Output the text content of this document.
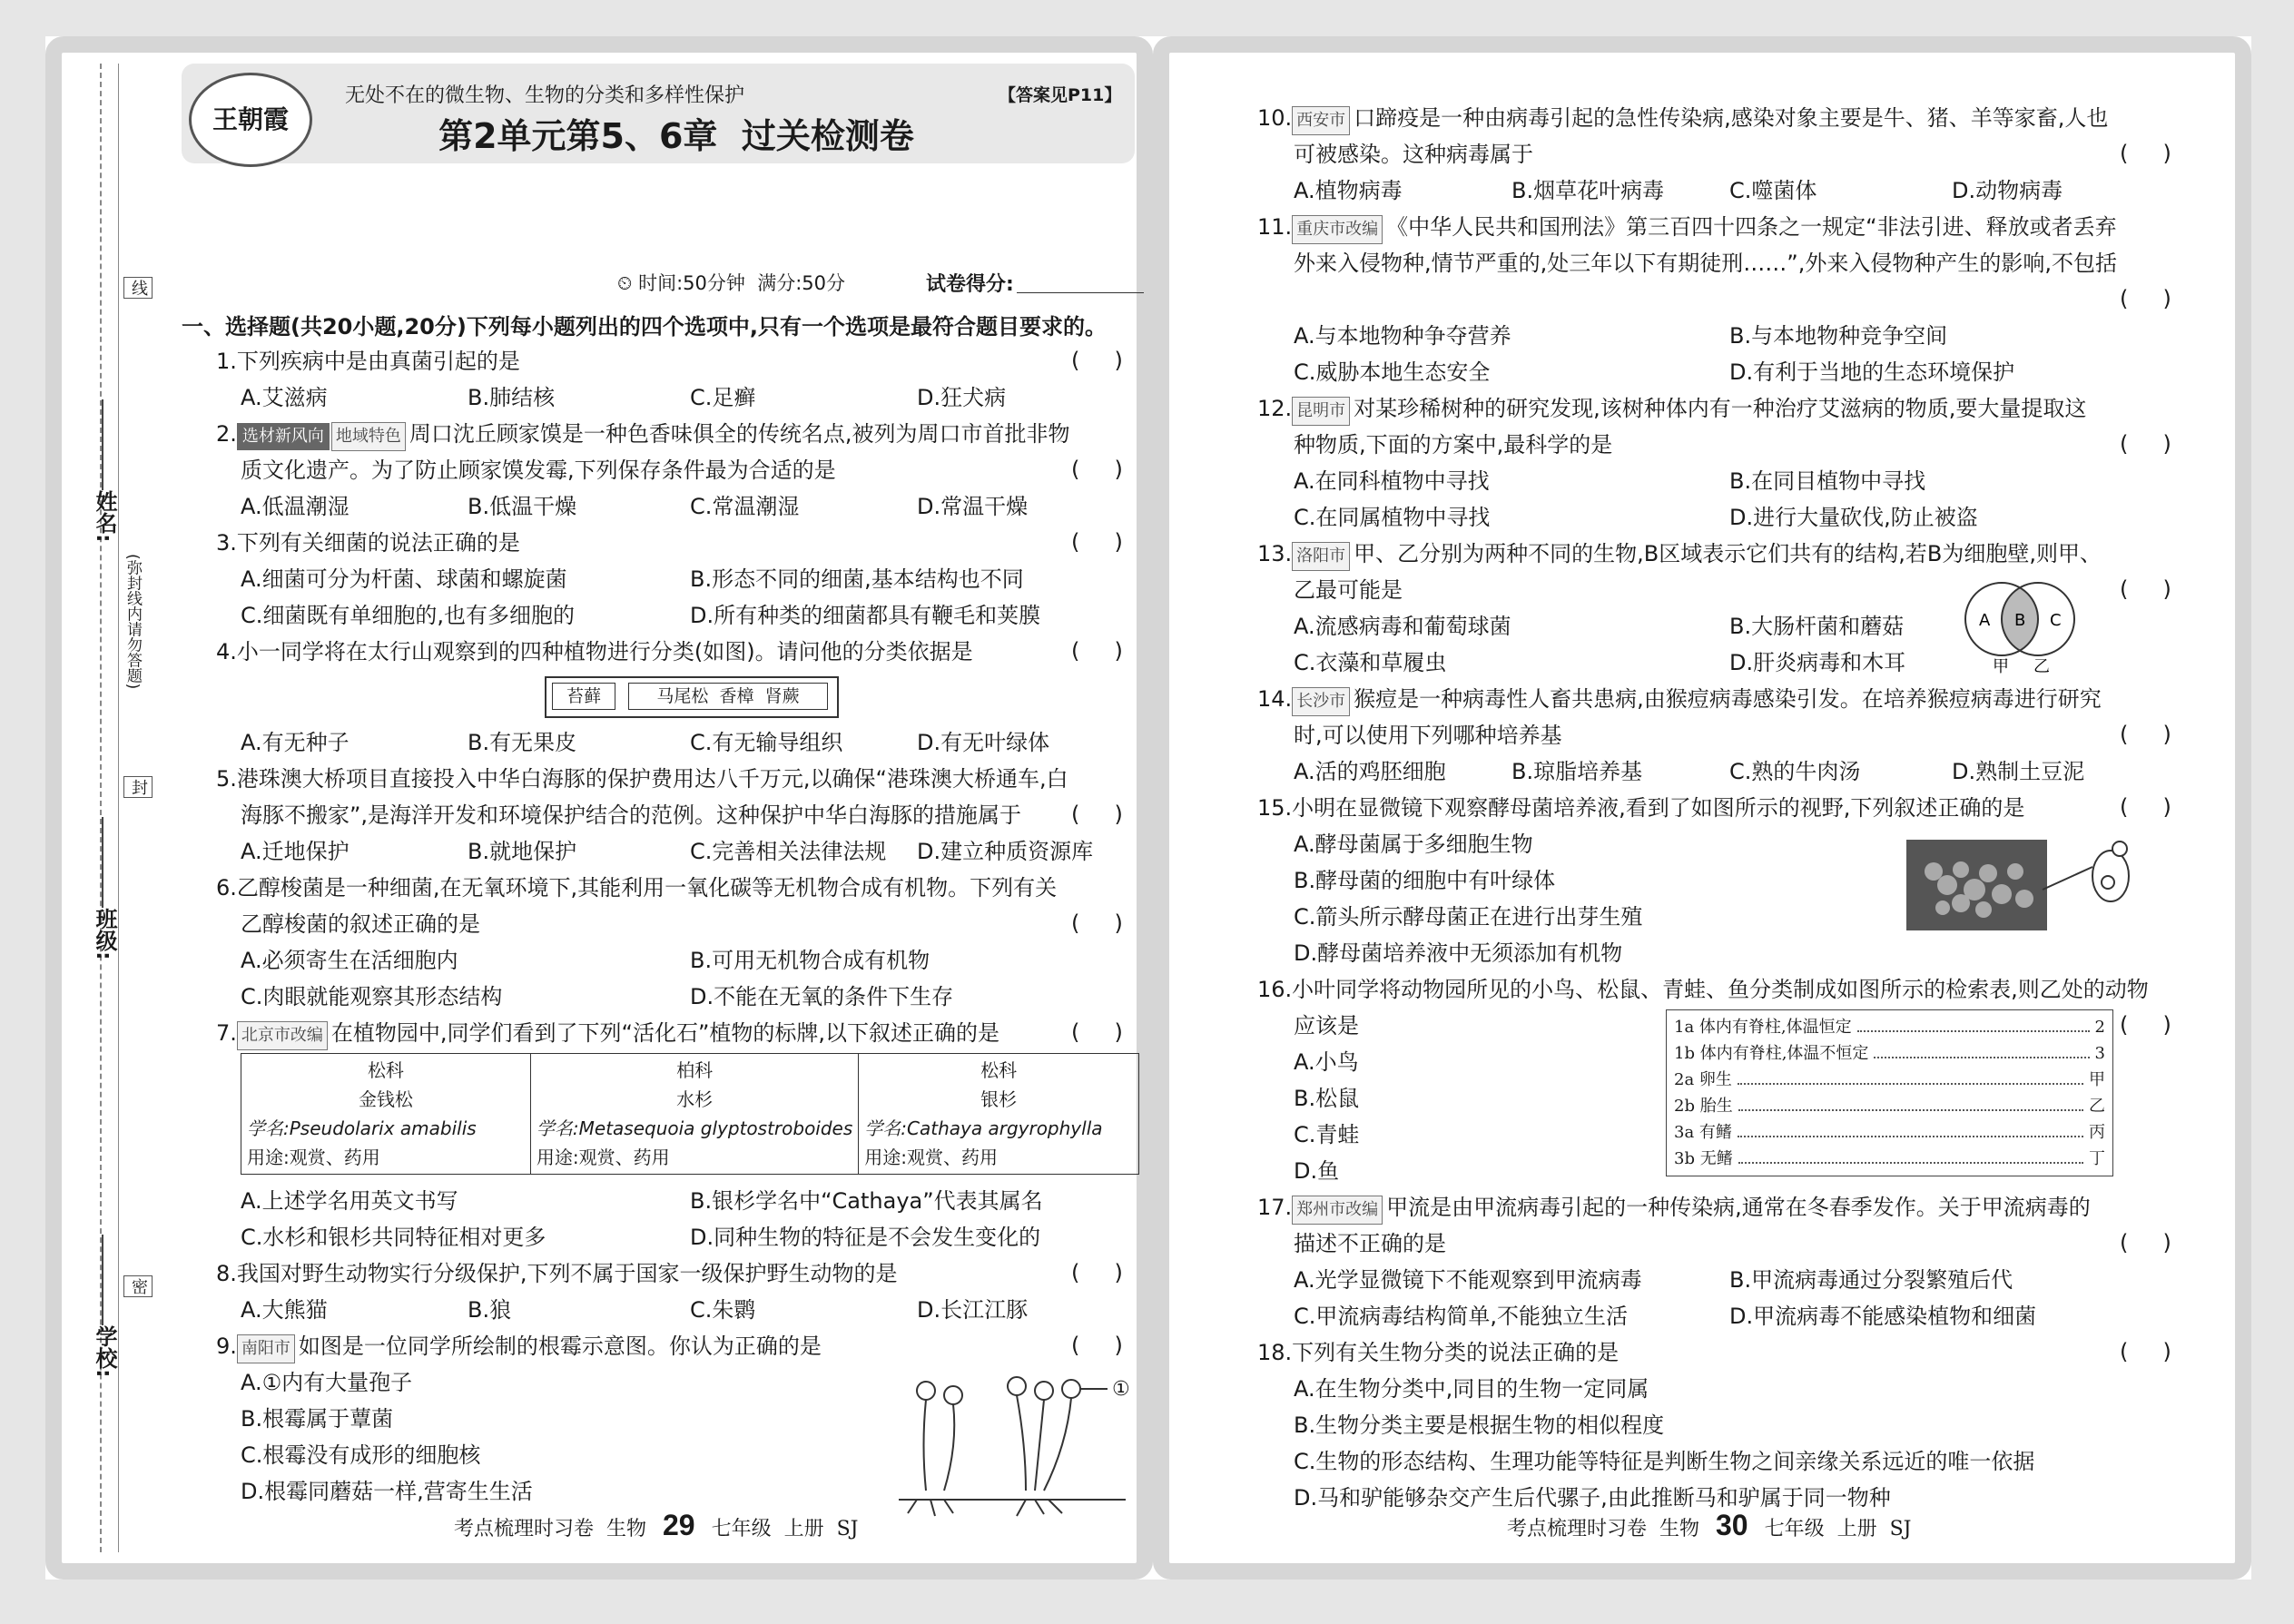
姓名:
班级:
学校:
线
封
密
(弥封线内请勿答题)
王朝霞
无处不在的微生物、生物的分类和多样性保护	【答案见P11】
第2单元第5、6章  过关检测卷
⏲ 时间:50分钟  满分:50分	试卷得分:
一、选择题(共20小题,20分)下列每小题列出的四个选项中,只有一个选项是最符合题目要求的。
1.下列疾病中是由真菌引起的是	(     )
A.艾滋病	B.肺结核	C.足癣	D.狂犬病
2. 选材新风向 地域特色 周口沈丘顾家馍是一种色香味俱全的传统名点,被列为周口市首批非物
质文化遗产。为了防止顾家馍发霉,下列保存条件最为合适的是	(     )
A.低温潮湿	B.低温干燥	C.常温潮湿	D.常温干燥
3.下列有关细菌的说法正确的是	(     )
A.细菌可分为杆菌、球菌和螺旋菌	B.形态不同的细菌,基本结构也不同
C.细菌既有单细胞的,也有多细胞的	D.所有种类的细菌都具有鞭毛和荚膜
4.小一同学将在太行山观察到的四种植物进行分类(如图)。请问他的分类依据是	(     )
苔藓	马尾松  香樟  肾蕨
A.有无种子	B.有无果皮	C.有无输导组织	D.有无叶绿体
5.港珠澳大桥项目直接投入中华白海豚的保护费用达八千万元,以确保“港珠澳大桥通车,白
海豚不搬家”,是海洋开发和环境保护结合的范例。这种保护中华白海豚的措施属于 (     )
A.迁地保护	B.就地保护	C.完善相关法律法规 D.建立种质资源库
6.乙醇梭菌是一种细菌,在无氧环境下,其能利用一氧化碳等无机物合成有机物。下列有关
乙醇梭菌的叙述正确的是	(     )
A.必须寄生在活细胞内	B.可用无机物合成有机物
C.肉眼就能观察其形态结构	D.不能在无氧的条件下生存
7. 北京市改编 在植物园中,同学们看到了下列“活化石”植物的标牌,以下叙述正确的是	(     )
松科
金钱松
学名:Pseudolarix amabilis
用途:观赏、药用

柏科
水杉
学名:Metasequoia glyptostroboides
用途:观赏、药用

松科
银杉
学名:Cathaya argyrophylla
用途:观赏、药用
A.上述学名用英文书写	B.银杉学名中“Cathaya”代表其属名
C.水杉和银杉共同特征相对更多	D.同种生物的特征是不会发生变化的
8.我国对野生动物实行分级保护,下列不属于国家一级保护野生动物的是	(     )
A.大熊猫	B.狼	C.朱鹮	D.长江江豚
9. 南阳市 如图是一位同学所绘制的根霉示意图。你认为正确的是	(     )
A.①内有大量孢子
B.根霉属于蕈菌
C.根霉没有成形的细胞核
D.根霉同蘑菇一样,营寄生生活
①
考点梳理时习卷  生物 29 七年级  上册  SJ
10. 西安市 口蹄疫是一种由病毒引起的急性传染病,感染对象主要是牛、猪、羊等家畜,人也
可被感染。这种病毒属于	(     )
A.植物病毒	B.烟草花叶病毒	C.噬菌体	D.动物病毒
11. 重庆市改编 《中华人民共和国刑法》第三百四十四条之一规定“非法引进、释放或者丢弃
外来入侵物种,情节严重的,处三年以下有期徒刑……”,外来入侵物种产生的影响,不包括
(     )
A.与本地物种争夺营养	B.与本地物种竞争空间
C.威胁本地生态安全	D.有利于当地的生态环境保护
12. 昆明市 对某珍稀树种的研究发现,该树种体内有一种治疗艾滋病的物质,要大量提取这
种物质,下面的方案中,最科学的是	(     )
A.在同科植物中寻找	B.在同目植物中寻找
C.在同属植物中寻找	D.进行大量砍伐,防止被盗
13. 洛阳市 甲、乙分别为两种不同的生物,B区域表示它们共有的结构,若B为细胞壁,则甲、
乙最可能是	(     )
A.流感病毒和葡萄球菌	B.大肠杆菌和蘑菇
C.衣藻和草履虫	D.肝炎病毒和木耳
A B C
甲 乙
14. 长沙市 猴痘是一种病毒性人畜共患病,由猴痘病毒感染引发。在培养猴痘病毒进行研究
时,可以使用下列哪种培养基	(     )
A.活的鸡胚细胞	B.琼脂培养基	C.熟的牛肉汤	D.熟制土豆泥
15.小明在显微镜下观察酵母菌培养液,看到了如图所示的视野,下列叙述正确的是	(     )
A.酵母菌属于多细胞生物
B.酵母菌的细胞中有叶绿体
C.箭头所示酵母菌正在进行出芽生殖
D.酵母菌培养液中无须添加有机物
16.小叶同学将动物园所见的小鸟、松鼠、青蛙、鱼分类制成如图所示的检索表,则乙处的动物
应该是	(     )
A.小鸟
B.松鼠
C.青蛙
D.鱼
1a 体内有脊柱,体温恒定	2
1b 体内有脊柱,体温不恒定	3
2a 卵生	甲
2b 胎生	乙
3a 有鳍	丙
3b 无鳍	丁
17. 郑州市改编 甲流是由甲流病毒引起的一种传染病,通常在冬春季发作。关于甲流病毒的
描述不正确的是	(     )
A.光学显微镜下不能观察到甲流病毒	B.甲流病毒通过分裂繁殖后代
C.甲流病毒结构简单,不能独立生活	D.甲流病毒不能感染植物和细菌
18.下列有关生物分类的说法正确的是	(     )
A.在生物分类中,同目的生物一定同属
B.生物分类主要是根据生物的相似程度
C.生物的形态结构、生理功能等特征是判断生物之间亲缘关系远近的唯一依据
D.马和驴能够杂交产生后代骡子,由此推断马和驴属于同一物种
考点梳理时习卷  生物 30 七年级  上册  SJ
